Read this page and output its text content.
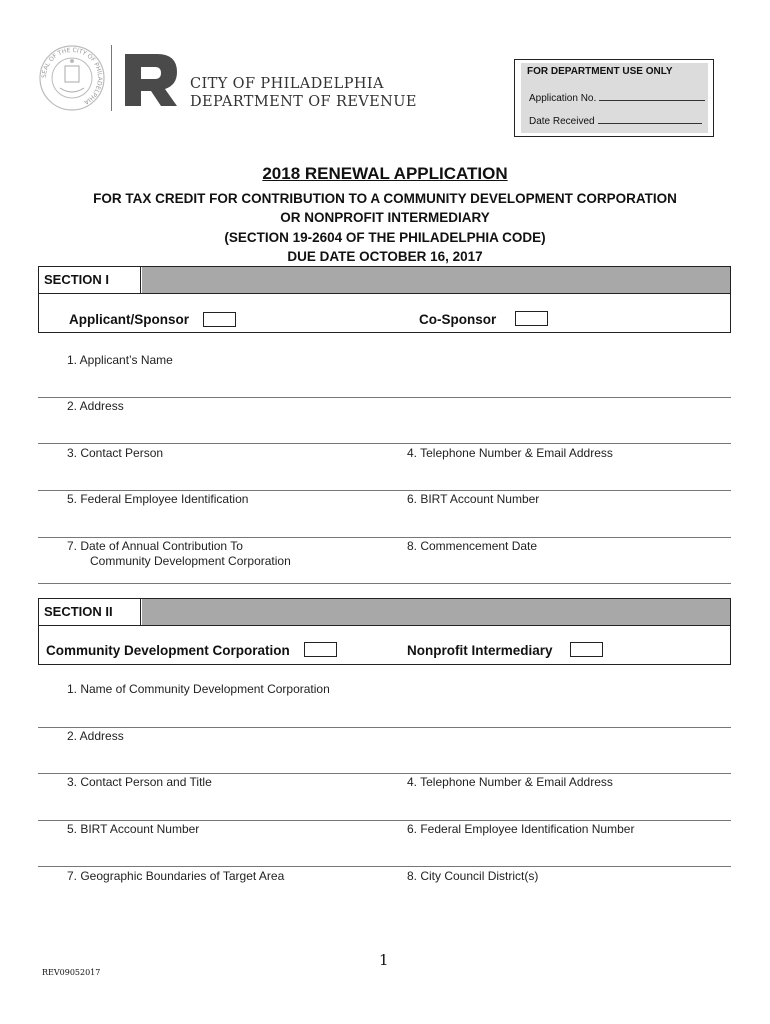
SEAL OF THE CITY OF PHILADELPHIA
CITY OF PHILADELPHIA
DEPARTMENT OF REVENUE
FOR DEPARTMENT USE ONLY
Application No.
Date Received
2018 RENEWAL APPLICATION
FOR TAX CREDIT FOR CONTRIBUTION TO A COMMUNITY DEVELOPMENT CORPORATION
OR NONPROFIT INTERMEDIARY
(SECTION 19-2604 OF THE PHILADELPHIA CODE)
DUE DATE OCTOBER 16, 2017
SECTION I
Applicant/Sponsor	Co-Sponsor
1. Applicant’s Name
2. Address
3. Contact Person	4. Telephone Number & Email Address
5. Federal Employee Identification	6. BIRT Account Number
7. Date of Annual Contribution To
Community Development Corporation
8. Commencement Date
SECTION II
Community Development Corporation	Nonprofit Intermediary
1. Name of Community Development Corporation
2. Address
3. Contact Person and Title	4. Telephone Number & Email Address
5. BIRT Account Number	6. Federal Employee Identification Number
7. Geographic Boundaries of Target Area	8. City Council District(s)
1
REV09052017
